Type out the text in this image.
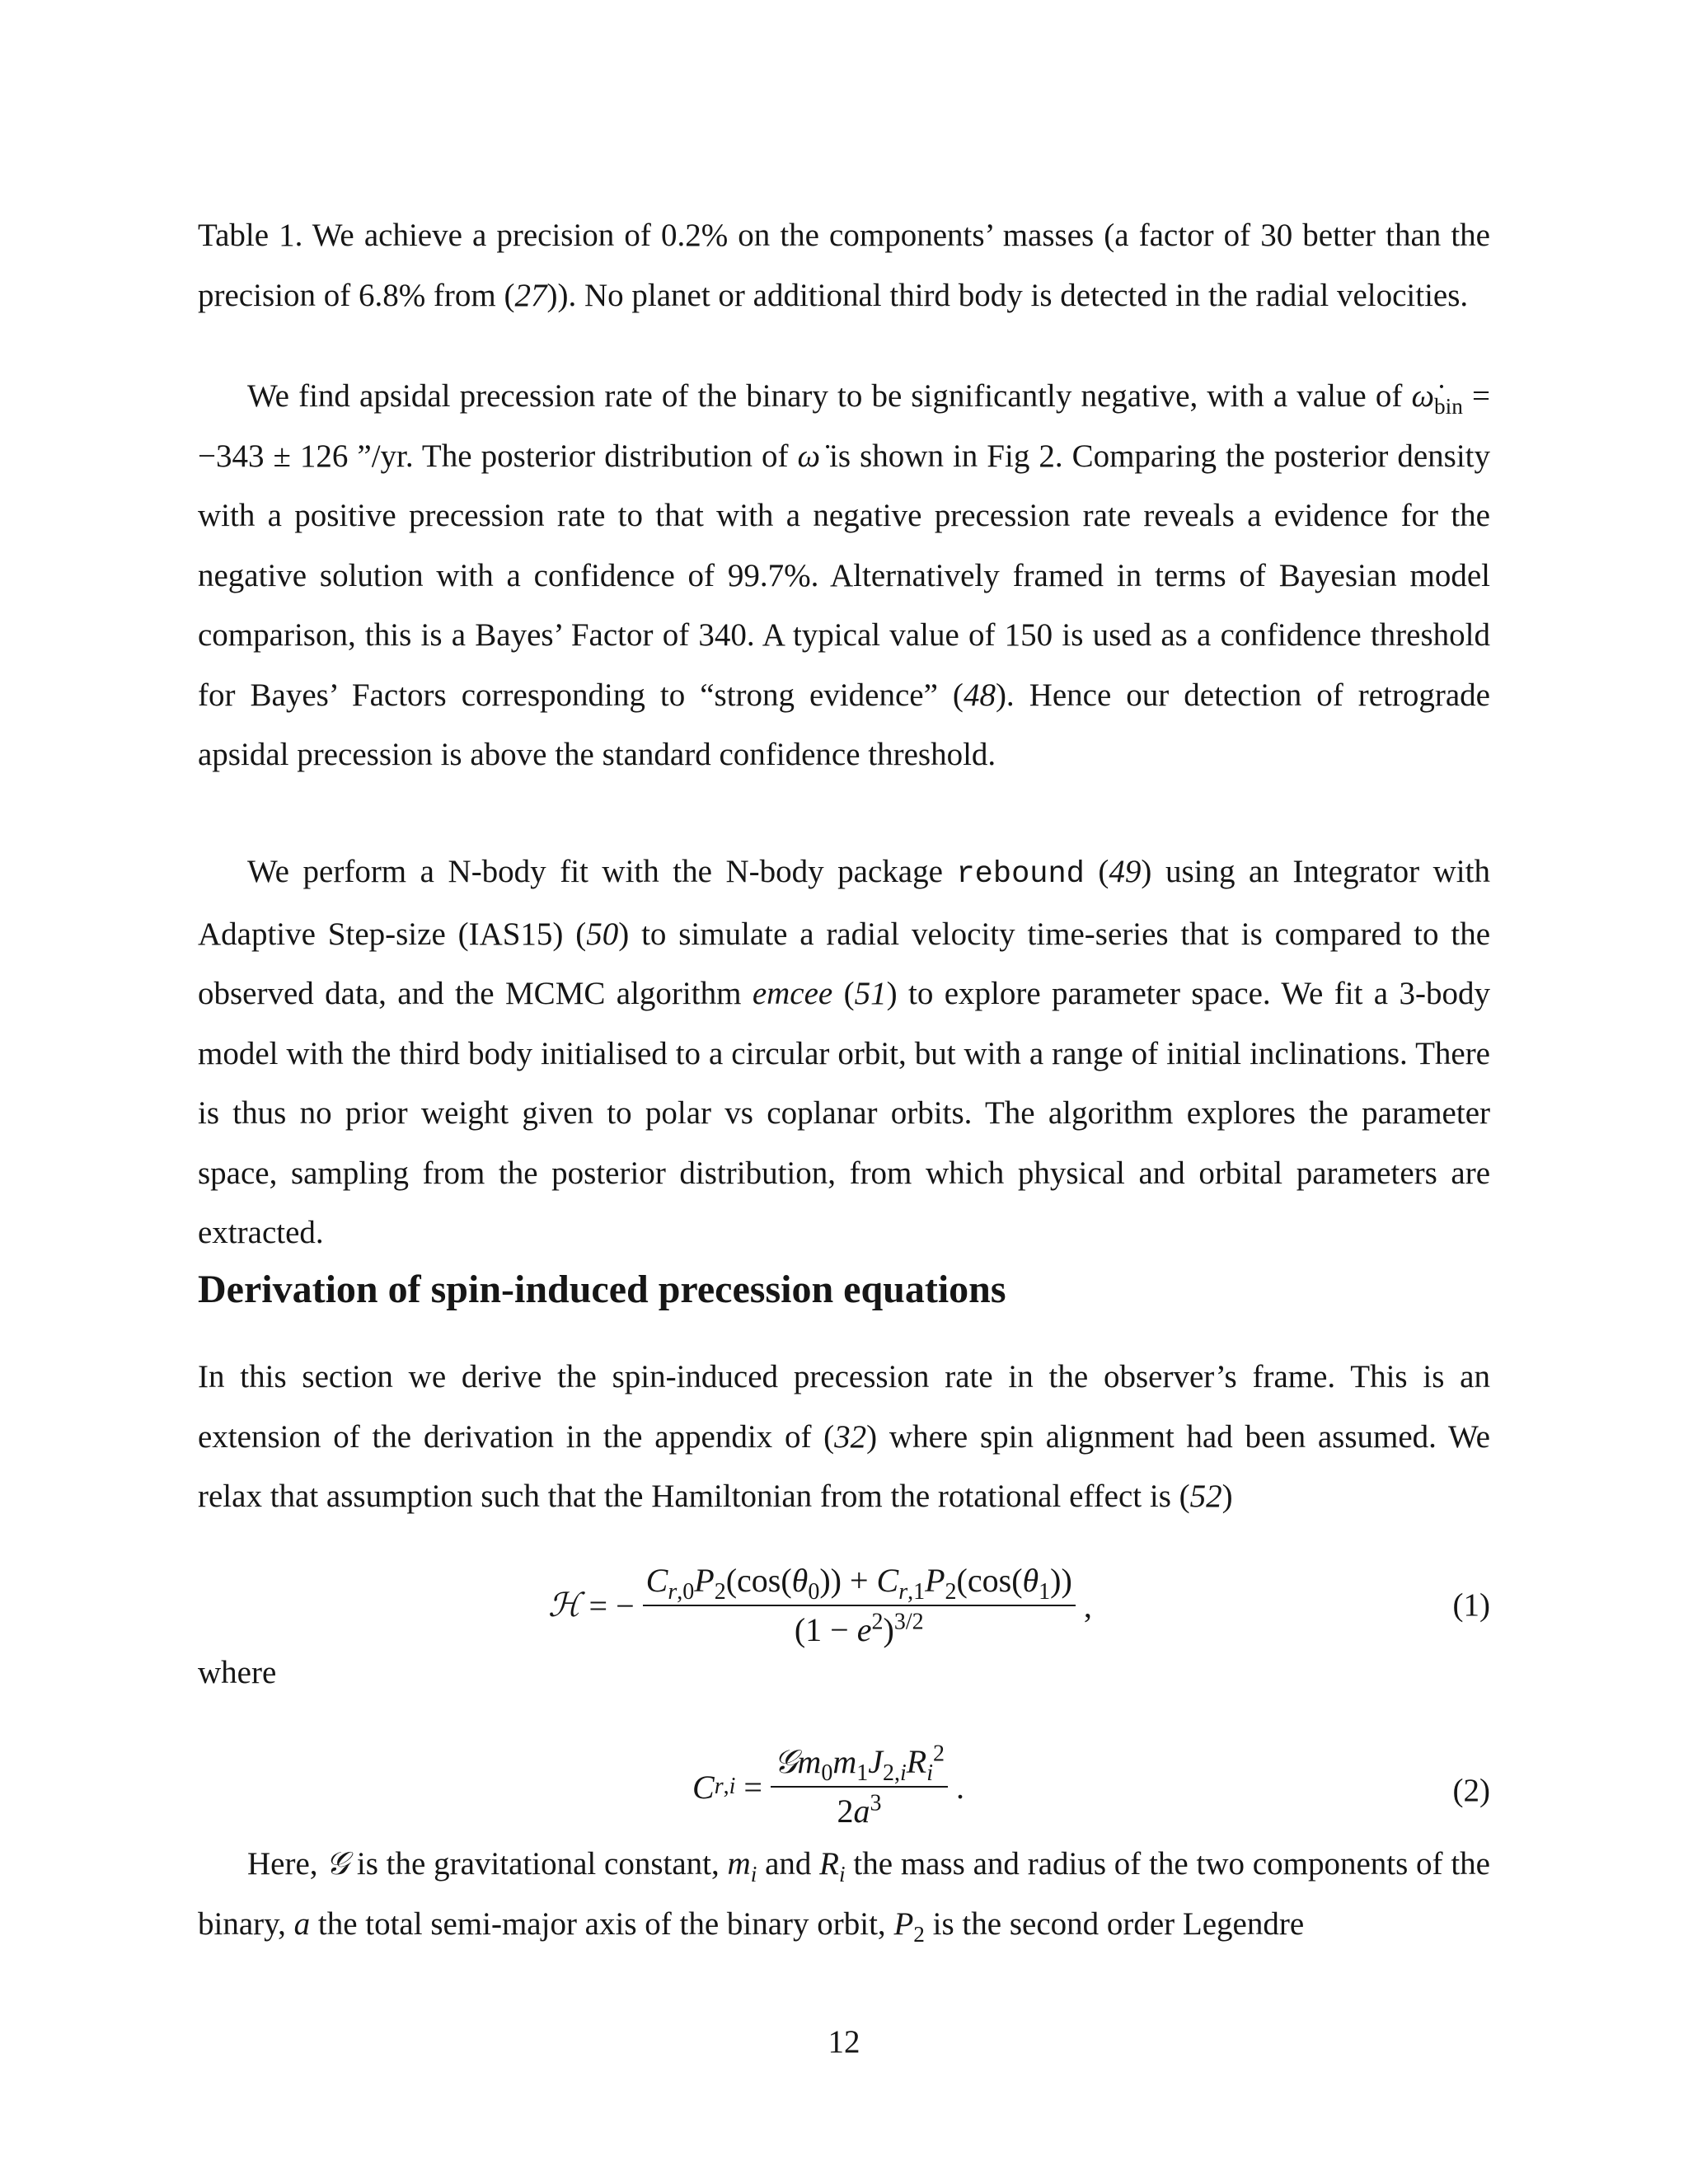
Table 1. We achieve a precision of 0.2% on the components’ masses (a factor of 30 better than the precision of 6.8% from (27)). No planet or additional third body is detected in the radial velocities.

We find apsidal precession rate of the binary to be significantly negative, with a value of $\omegȧ_{bin} = -343 \pm 126$ ”/yr. The posterior distribution of ω̇ is shown in Fig 2. Comparing the posterior density with a positive precession rate to that with a negative precession rate reveals a evidence for the negative solution with a confidence of 99.7%. Alternatively framed in terms of Bayesian model comparison, this is a Bayes’ Factor of 340. A typical value of 150 is used as a confidence threshold for Bayes’ Factors corresponding to “strong evidence” (48). Hence our detection of retrograde apsidal precession is above the standard confidence threshold.

We perform a N-body fit with the N-body package rebound (49) using an Integrator with Adaptive Step-size (IAS15) (50) to simulate a radial velocity time-series that is compared to the observed data, and the MCMC algorithm emcee (51) to explore parameter space. We fit a 3-body model with the third body initialised to a circular orbit, but with a range of initial inclinations. There is thus no prior weight given to polar vs coplanar orbits. The algorithm explores the parameter space, sampling from the posterior distribution, from which physical and orbital parameters are extracted.

Derivation of spin-induced precession equations

In this section we derive the spin-induced precession rate in the observer’s frame. This is an extension of the derivation in the appendix of (32) where spin alignment had been assumed. We relax that assumption such that the Hamiltonian from the rotational effect is (52)

ℋ = − $\frac{C_{r,0}P_2(\cos(\theta_0)) + C_{r,1}P_2(\cos(\theta_1))}{(1 - e^2)^{3/2}}$ ,	(1)

where

C $r,i = \frac{𝒢m_0m_1J_{2,i}R_i^2}{2a^3}$ .	(2)

Here, 𝒢 is the gravitational constant, $m_i$ and $R_i$ the mass and radius of the two components of the binary, a the total semi-major axis of the binary orbit, $P_2$ is the second order Legendre

12
